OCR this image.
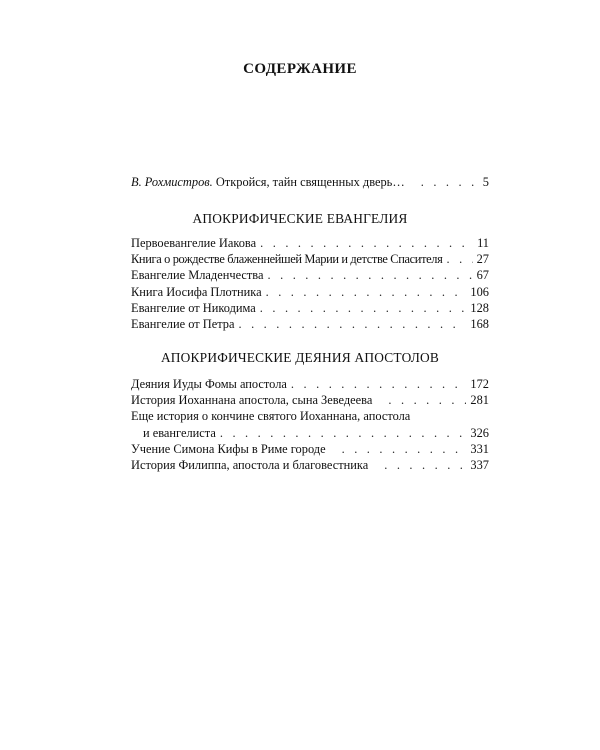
СОДЕРЖАНИЕ
В. Рохмистров. Откройся, тайн священных дверь… . . .	5
АПОКРИФИЧЕСКИЕ ЕВАНГЕЛИЯ
Первоевангелие Иакова . . .	11
Книга о рождестве блаженнейшей Марии и детстве Спасителя . . .	27
Евангелие Младенчества . . .	67
Книга Иосифа Плотника . . .	106
Евангелие от Никодима . . .	128
Евангелие от Петра . . .	168
АПОКРИФИЧЕСКИЕ ДЕЯНИЯ АПОСТОЛОВ
Деяния Иуды Фомы апостола . . .	172
История Иоханнана апостола, сына Зеведеева . . .	281
Еще история о кончине святого Иоханнана, апостола
и евангелиста . . .	326
Учение Симона Кифы в Риме городе . . .	331
История Филиппа, апостола и благовестника . . .	337
